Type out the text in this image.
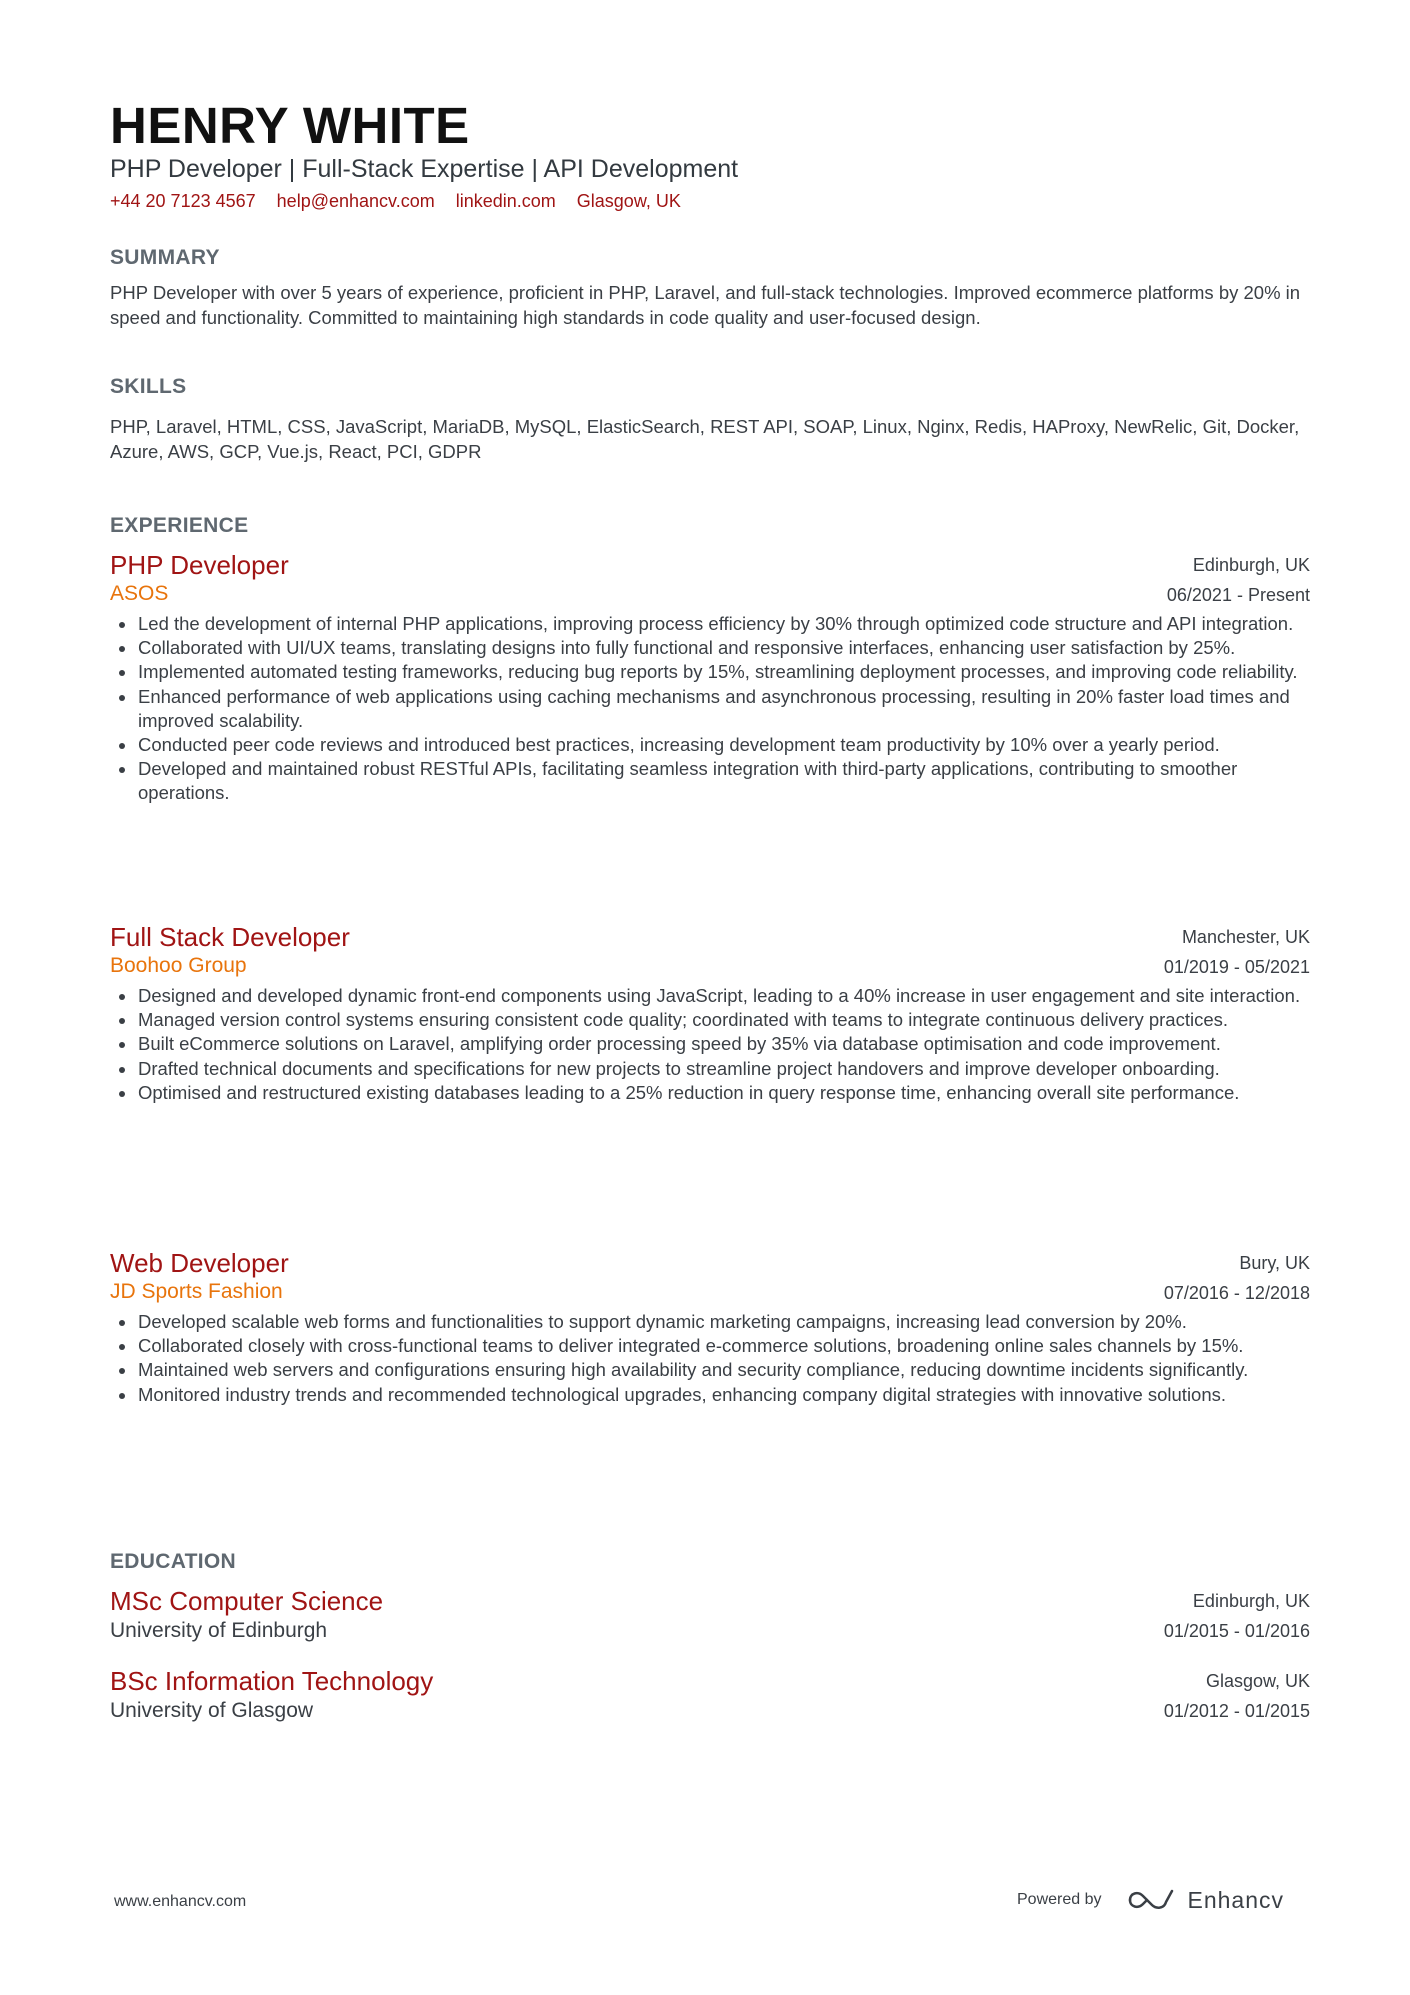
HENRY WHITE
PHP Developer | Full-Stack Expertise | API Development
+44 20 7123 4567 help@enhancv.com linkedin.com Glasgow, UK
SUMMARY
PHP Developer with over 5 years of experience, proficient in PHP, Laravel, and full-stack technologies. Improved ecommerce platforms by 20% in speed and functionality. Committed to maintaining high standards in code quality and user-focused design.
SKILLS
PHP, Laravel, HTML, CSS, JavaScript, MariaDB, MySQL, ElasticSearch, REST API, SOAP, Linux, Nginx, Redis, HAProxy, NewRelic, Git, Docker, Azure, AWS, GCP, Vue.js, React, PCI, GDPR
EXPERIENCE
PHP Developer
ASOS
Edinburgh, UK
06/2021 - Present
Led the development of internal PHP applications, improving process efficiency by 30% through optimized code structure and API integration.
Collaborated with UI/UX teams, translating designs into fully functional and responsive interfaces, enhancing user satisfaction by 25%.
Implemented automated testing frameworks, reducing bug reports by 15%, streamlining deployment processes, and improving code reliability.
Enhanced performance of web applications using caching mechanisms and asynchronous processing, resulting in 20% faster load times and improved scalability.
Conducted peer code reviews and introduced best practices, increasing development team productivity by 10% over a yearly period.
Developed and maintained robust RESTful APIs, facilitating seamless integration with third-party applications, contributing to smoother operations.
Full Stack Developer
Boohoo Group
Manchester, UK
01/2019 - 05/2021
Designed and developed dynamic front-end components using JavaScript, leading to a 40% increase in user engagement and site interaction.
Managed version control systems ensuring consistent code quality; coordinated with teams to integrate continuous delivery practices.
Built eCommerce solutions on Laravel, amplifying order processing speed by 35% via database optimisation and code improvement.
Drafted technical documents and specifications for new projects to streamline project handovers and improve developer onboarding.
Optimised and restructured existing databases leading to a 25% reduction in query response time, enhancing overall site performance.
Web Developer
JD Sports Fashion
Bury, UK
07/2016 - 12/2018
Developed scalable web forms and functionalities to support dynamic marketing campaigns, increasing lead conversion by 20%.
Collaborated closely with cross-functional teams to deliver integrated e-commerce solutions, broadening online sales channels by 15%.
Maintained web servers and configurations ensuring high availability and security compliance, reducing downtime incidents significantly.
Monitored industry trends and recommended technological upgrades, enhancing company digital strategies with innovative solutions.
EDUCATION
MSc Computer Science
University of Edinburgh
Edinburgh, UK
01/2015 - 01/2016
BSc Information Technology
University of Glasgow
Glasgow, UK
01/2012 - 01/2015
www.enhancv.com	Powered by	Enhancv
